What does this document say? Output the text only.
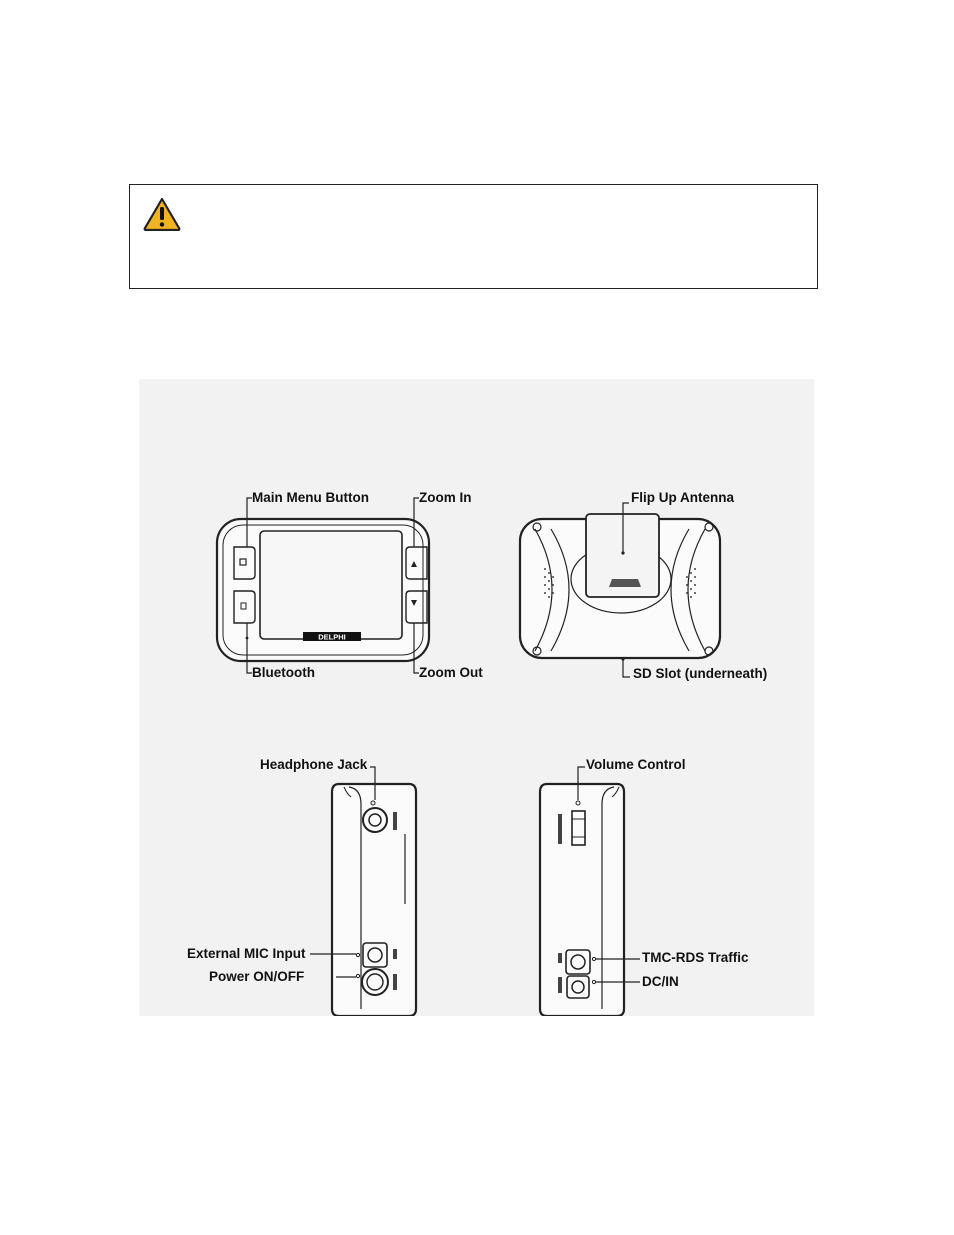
DELPHI
Main Menu Button	Zoom In
Bluetooth	Zoom Out
Flip Up Antenna
SD Slot (underneath)
Headphone Jack
External MIC Input
Power ON/OFF
Volume Control
TMC-RDS Traffic
DC/IN
